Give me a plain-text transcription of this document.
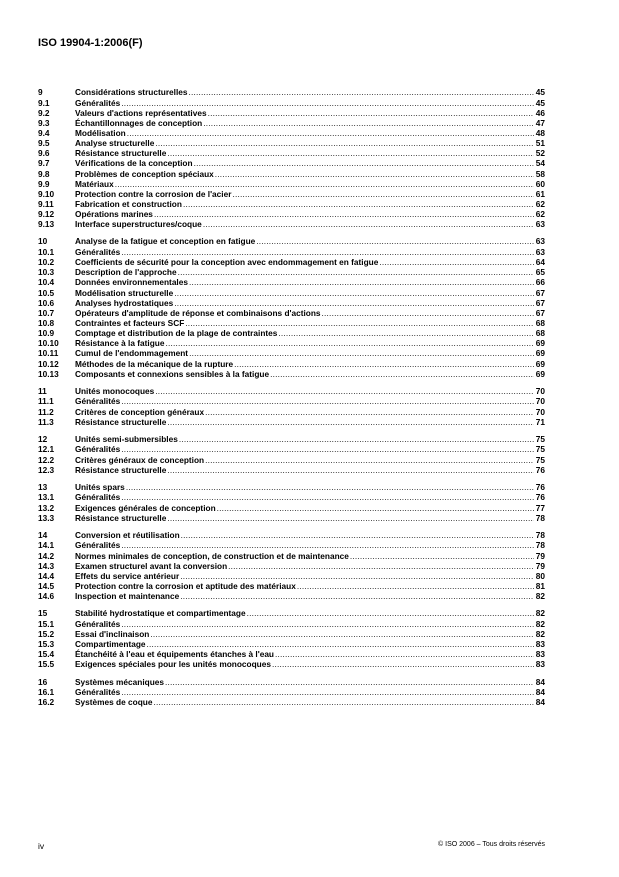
ISO 19904-1:2006(F)
9	Considérations structurelles .....	45
9.1	Généralités .....	45
9.2	Valeurs d'actions représentatives .....	46
9.3	Échantillonnages de conception .....	47
9.4	Modélisation .....	48
9.5	Analyse structurelle .....	51
9.6	Résistance structurelle .....	52
9.7	Vérifications de la conception .....	54
9.8	Problèmes de conception spéciaux .....	58
9.9	Matériaux .....	60
9.10	Protection contre la corrosion de l'acier .....	61
9.11	Fabrication et construction .....	62
9.12	Opérations marines .....	62
9.13	Interface superstructures/coque .....	63
10	Analyse de la fatigue et conception en fatigue .....	63
10.1	Généralités .....	63
10.2	Coefficients de sécurité pour la conception avec endommagement en fatigue .....	64
10.3	Description de l'approche .....	65
10.4	Données environnementales .....	66
10.5	Modélisation structurelle .....	67
10.6	Analyses hydrostatiques .....	67
10.7	Opérateurs d'amplitude de réponse et combinaisons d'actions .....	67
10.8	Contraintes et facteurs SCF .....	68
10.9	Comptage et distribution de la plage de contraintes .....	68
10.10	Résistance à la fatigue .....	69
10.11	Cumul de l'endommagement .....	69
10.12	Méthodes de la mécanique de la rupture .....	69
10.13	Composants et connexions sensibles à la fatigue .....	69
11	Unités monocoques .....	70
11.1	Généralités .....	70
11.2	Critères de conception généraux .....	70
11.3	Résistance structurelle .....	71
12	Unités semi-submersibles .....	75
12.1	Généralités .....	75
12.2	Critères généraux de conception .....	75
12.3	Résistance structurelle .....	76
13	Unités spars .....	76
13.1	Généralités .....	76
13.2	Exigences générales de conception .....	77
13.3	Résistance structurelle .....	78
14	Conversion et réutilisation .....	78
14.1	Généralités .....	78
14.2	Normes minimales de conception, de construction et de maintenance .....	79
14.3	Examen structurel avant la conversion .....	79
14.4	Effets du service antérieur .....	80
14.5	Protection contre la corrosion et aptitude des matériaux .....	81
14.6	Inspection et maintenance .....	82
15	Stabilité hydrostatique et compartimentage .....	82
15.1	Généralités .....	82
15.2	Essai d'inclinaison .....	82
15.3	Compartimentage .....	83
15.4	Étanchéité à l'eau et équipements étanches à l'eau .....	83
15.5	Exigences spéciales pour les unités monocoques .....	83
16	Systèmes mécaniques .....	84
16.1	Généralités .....	84
16.2	Systèmes de coque .....	84
iv	© ISO 2006 – Tous droits réservés
